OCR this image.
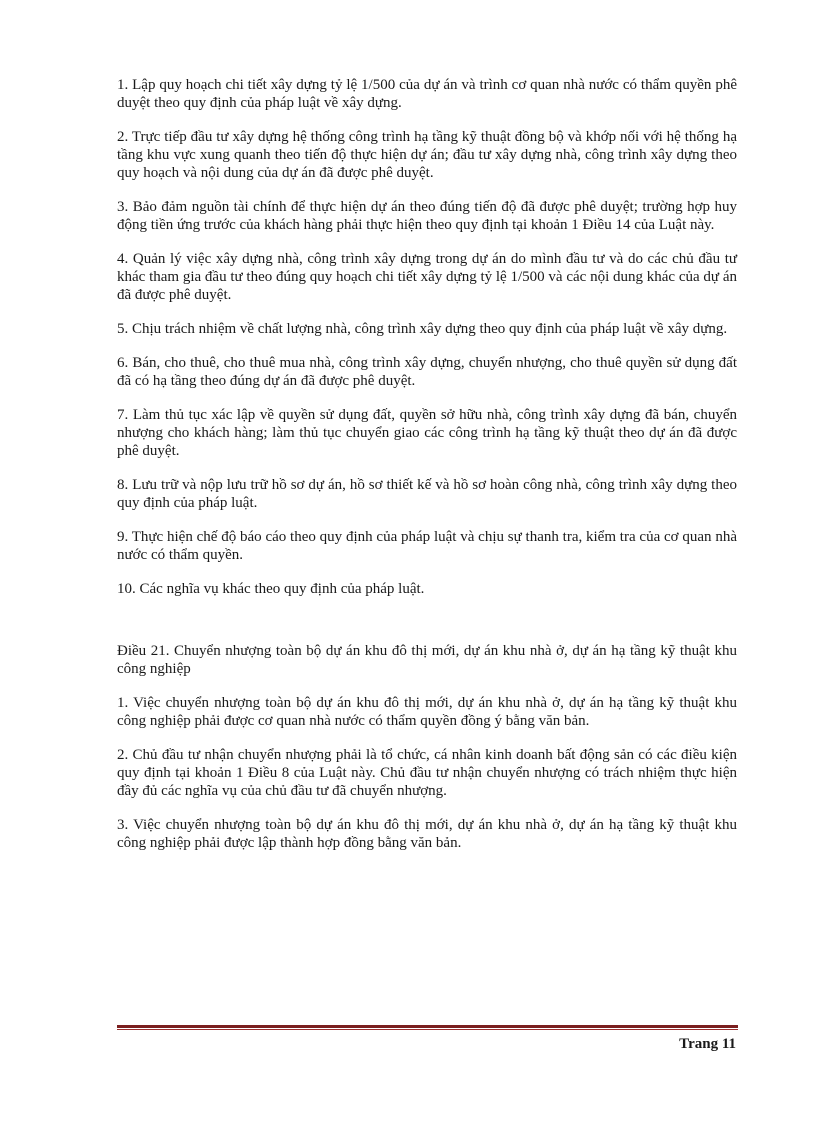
1. Lập quy hoạch chi tiết xây dựng tỷ lệ 1/500 của dự án và trình cơ quan nhà nước có thẩm quyền phê duyệt theo quy định của pháp luật về xây dựng.

2. Trực tiếp đầu tư xây dựng hệ thống công trình hạ tầng kỹ thuật đồng bộ và khớp nối với hệ thống hạ tầng khu vực xung quanh theo tiến độ thực hiện dự án; đầu tư xây dựng nhà, công trình xây dựng theo quy hoạch và nội dung của dự án đã được phê duyệt.

3. Bảo đảm nguồn tài chính để thực hiện dự án theo đúng tiến độ đã được phê duyệt; trường hợp huy động tiền ứng trước của khách hàng phải thực hiện theo quy định tại khoản 1 Điều 14 của Luật này.

4. Quản lý việc xây dựng nhà, công trình xây dựng trong dự án do mình đầu tư và do các chủ đầu tư khác tham gia đầu tư theo đúng quy hoạch chi tiết xây dựng tỷ lệ 1/500 và các nội dung khác của dự án đã được phê duyệt.

5. Chịu trách nhiệm về chất lượng nhà, công trình xây dựng theo quy định của pháp luật về xây dựng.

6. Bán, cho thuê, cho thuê mua nhà, công trình xây dựng, chuyển nhượng, cho thuê quyền sử dụng đất đã có hạ tầng theo đúng dự án đã được phê duyệt.

7. Làm thủ tục xác lập về quyền sử dụng đất, quyền sở hữu nhà, công trình xây dựng đã bán, chuyển nhượng cho khách hàng; làm thủ tục chuyển giao các công trình hạ tầng kỹ thuật theo dự án đã được phê duyệt.

8. Lưu trữ và nộp lưu trữ hồ sơ dự án, hồ sơ thiết kế và hồ sơ hoàn công nhà, công trình xây dựng theo quy định của pháp luật.

9. Thực hiện chế độ báo cáo theo quy định của pháp luật và chịu sự thanh tra, kiểm tra của cơ quan nhà nước có thẩm quyền.

10. Các nghĩa vụ khác theo quy định của pháp luật.

Điều 21. Chuyển nhượng toàn bộ dự án khu đô thị mới, dự án khu nhà ở, dự án hạ tầng kỹ thuật khu công nghiệp

1. Việc chuyển nhượng toàn bộ dự án khu đô thị mới, dự án khu nhà ở, dự án hạ tầng kỹ thuật khu công nghiệp phải được cơ quan nhà nước có thẩm quyền đồng ý bằng văn bản.

2. Chủ đầu tư nhận chuyển nhượng phải là tổ chức, cá nhân kinh doanh bất động sản có các điều kiện quy định tại khoản 1 Điều 8 của Luật này. Chủ đầu tư nhận chuyển nhượng có trách nhiệm thực hiện đầy đủ các nghĩa vụ của chủ đầu tư đã chuyển nhượng.

3. Việc chuyển nhượng toàn bộ dự án khu đô thị mới, dự án khu nhà ở, dự án hạ tầng kỹ thuật khu công nghiệp phải được lập thành hợp đồng bằng văn bản.

Trang 11
